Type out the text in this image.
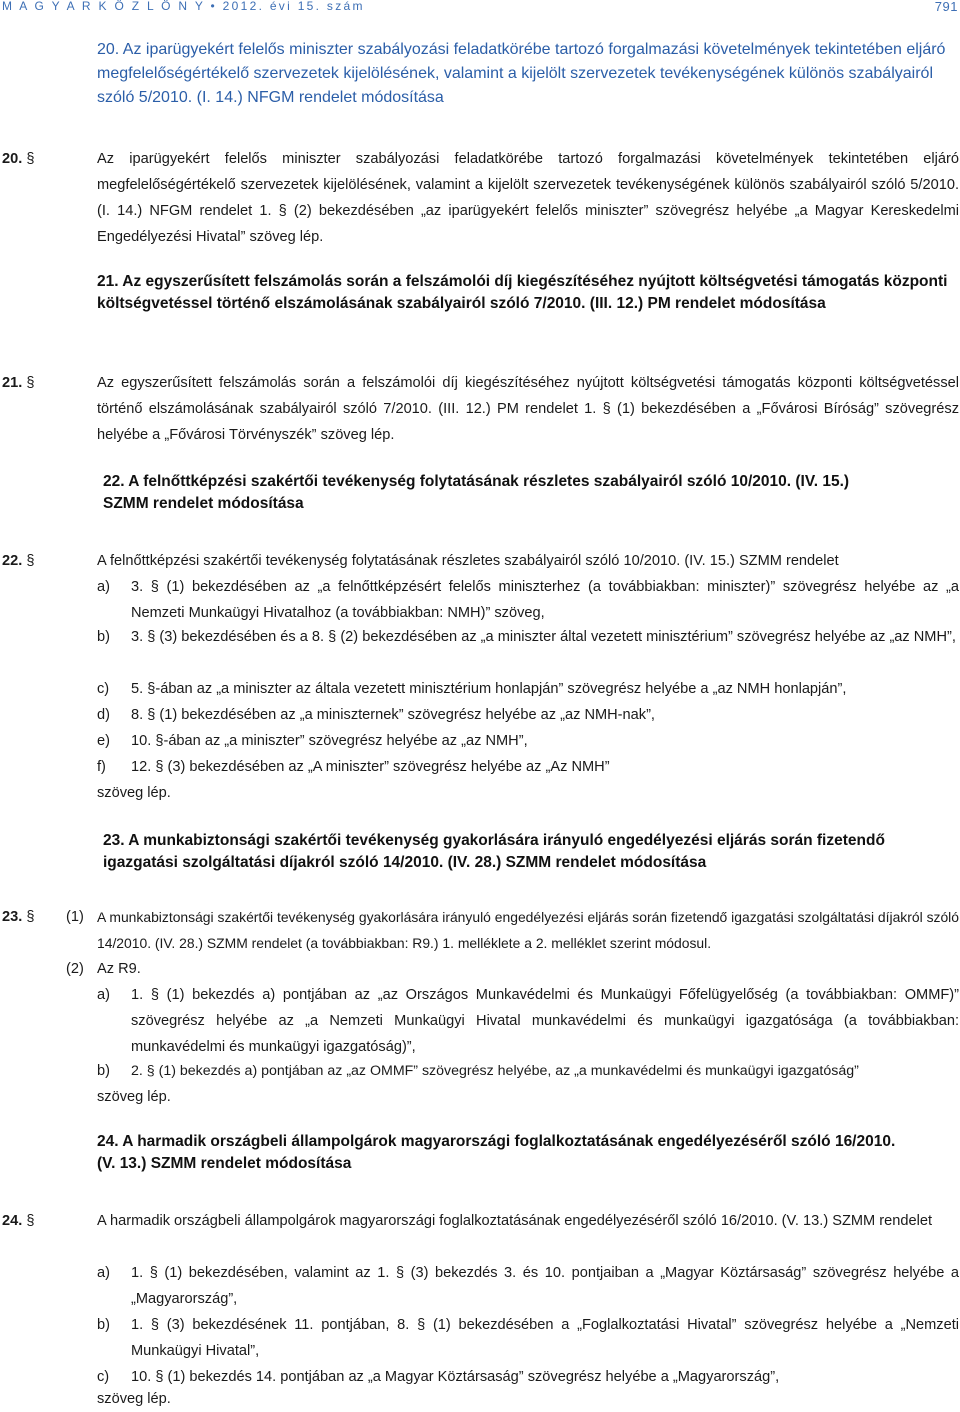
M A G Y A R K Ö Z L Ö N Y • 2012. évi 15. szám	791
20. Az iparügyekért felelős miniszter szabályozási feladatkörébe tartozó forgalmazási követelmények tekintetében eljáró megfelelőségértékelő szervezetek kijelölésének, valamint a kijelölt szervezetek tevékenységének különös szabályairól szóló 5/2010. (I. 14.) NFGM rendelet módosítása
20. §	Az iparügyekért felelős miniszter szabályozási feladatkörébe tartozó forgalmazási követelmények tekintetében eljáró megfelelőségértékelő szervezetek kijelölésének, valamint a kijelölt szervezetek tevékenységének különös szabályairól szóló 5/2010. (I. 14.) NFGM rendelet 1. § (2) bekezdésében „az iparügyekért felelős miniszter” szövegrész helyébe „a Magyar Kereskedelmi Engedélyezési Hivatal” szöveg lép.
21. Az egyszerűsített felszámolás során a felszámolói díj kiegészítéséhez nyújtott költségvetési támogatás központi költségvetéssel történő elszámolásának szabályairól szóló 7/2010. (III. 12.) PM rendelet módosítása
21. §	Az egyszerűsített felszámolás során a felszámolói díj kiegészítéséhez nyújtott költségvetési támogatás központi költségvetéssel történő elszámolásának szabályairól szóló 7/2010. (III. 12.) PM rendelet 1. § (1) bekezdésében a „Fővárosi Bíróság” szövegrész helyébe a „Fővárosi Törvényszék” szöveg lép.
22. A felnőttképzési szakértői tevékenység folytatásának részletes szabályairól szóló 10/2010. (IV. 15.) SZMM rendelet módosítása
22. §	A felnőttképzési szakértői tevékenység folytatásának részletes szabályairól szóló 10/2010. (IV. 15.) SZMM rendelet
a) 3. § (1) bekezdésében az „a felnőttképzésért felelős miniszterhez (a továbbiakban: miniszter)” szövegrész helyébe az „a Nemzeti Munkaügyi Hivatalhoz (a továbbiakban: NMH)” szöveg,
b) 3. § (3) bekezdésében és a 8. § (2) bekezdésében az „a miniszter által vezetett minisztérium” szövegrész helyébe az „az NMH”,
c) 5. §-ában az „a miniszter az általa vezetett minisztérium honlapján” szövegrész helyébe a „az NMH honlapján”,
d) 8. § (1) bekezdésében az „a miniszternek” szövegrész helyébe az „az NMH-nak”,
e) 10. §-ában az „a miniszter” szövegrész helyébe az „az NMH”,
f) 12. § (3) bekezdésében az „A miniszter” szövegrész helyébe az „Az NMH”
szöveg lép.
23. A munkabiztonsági szakértői tevékenység gyakorlására irányuló engedélyezési eljárás során fizetendő igazgatási szolgáltatási díjakról szóló 14/2010. (IV. 28.) SZMM rendelet módosítása
23. § (1) A munkabiztonsági szakértői tevékenység gyakorlására irányuló engedélyezési eljárás során fizetendő igazgatási szolgáltatási díjakról szóló 14/2010. (IV. 28.) SZMM rendelet (a továbbiakban: R9.) 1. melléklete a 2. melléklet szerint módosul.
(2) Az R9.
a) 1. § (1) bekezdés a) pontjában az „az Országos Munkavédelmi és Munkaügyi Főfelügyelőség (a továbbiakban: OMMF)” szövegrész helyébe az „a Nemzeti Munkaügyi Hivatal munkavédelmi és munkaügyi igazgatósága (a továbbiakban: munkavédelmi és munkaügyi igazgatóság)”,
b) 2. § (1) bekezdés a) pontjában az „az OMMF” szövegrész helyébe, az „a munkavédelmi és munkaügyi igazgatóság”
szöveg lép.
24. A harmadik országbeli állampolgárok magyarországi foglalkoztatásának engedélyezéséről szóló 16/2010. (V. 13.) SZMM rendelet módosítása
24. §	A harmadik országbeli állampolgárok magyarországi foglalkoztatásának engedélyezéséről szóló 16/2010. (V. 13.) SZMM rendelet
a) 1. § (1) bekezdésében, valamint az 1. § (3) bekezdés 3. és 10. pontjaiban a „Magyar Köztársaság” szövegrész helyébe a „Magyarország”,
b) 1. § (3) bekezdésének 11. pontjában, 8. § (1) bekezdésében a „Foglalkoztatási Hivatal” szövegrész helyébe a „Nemzeti Munkaügyi Hivatal”,
c) 10. § (1) bekezdés 14. pontjában az „a Magyar Köztársaság” szövegrész helyébe a „Magyarország”,
szöveg lép.
